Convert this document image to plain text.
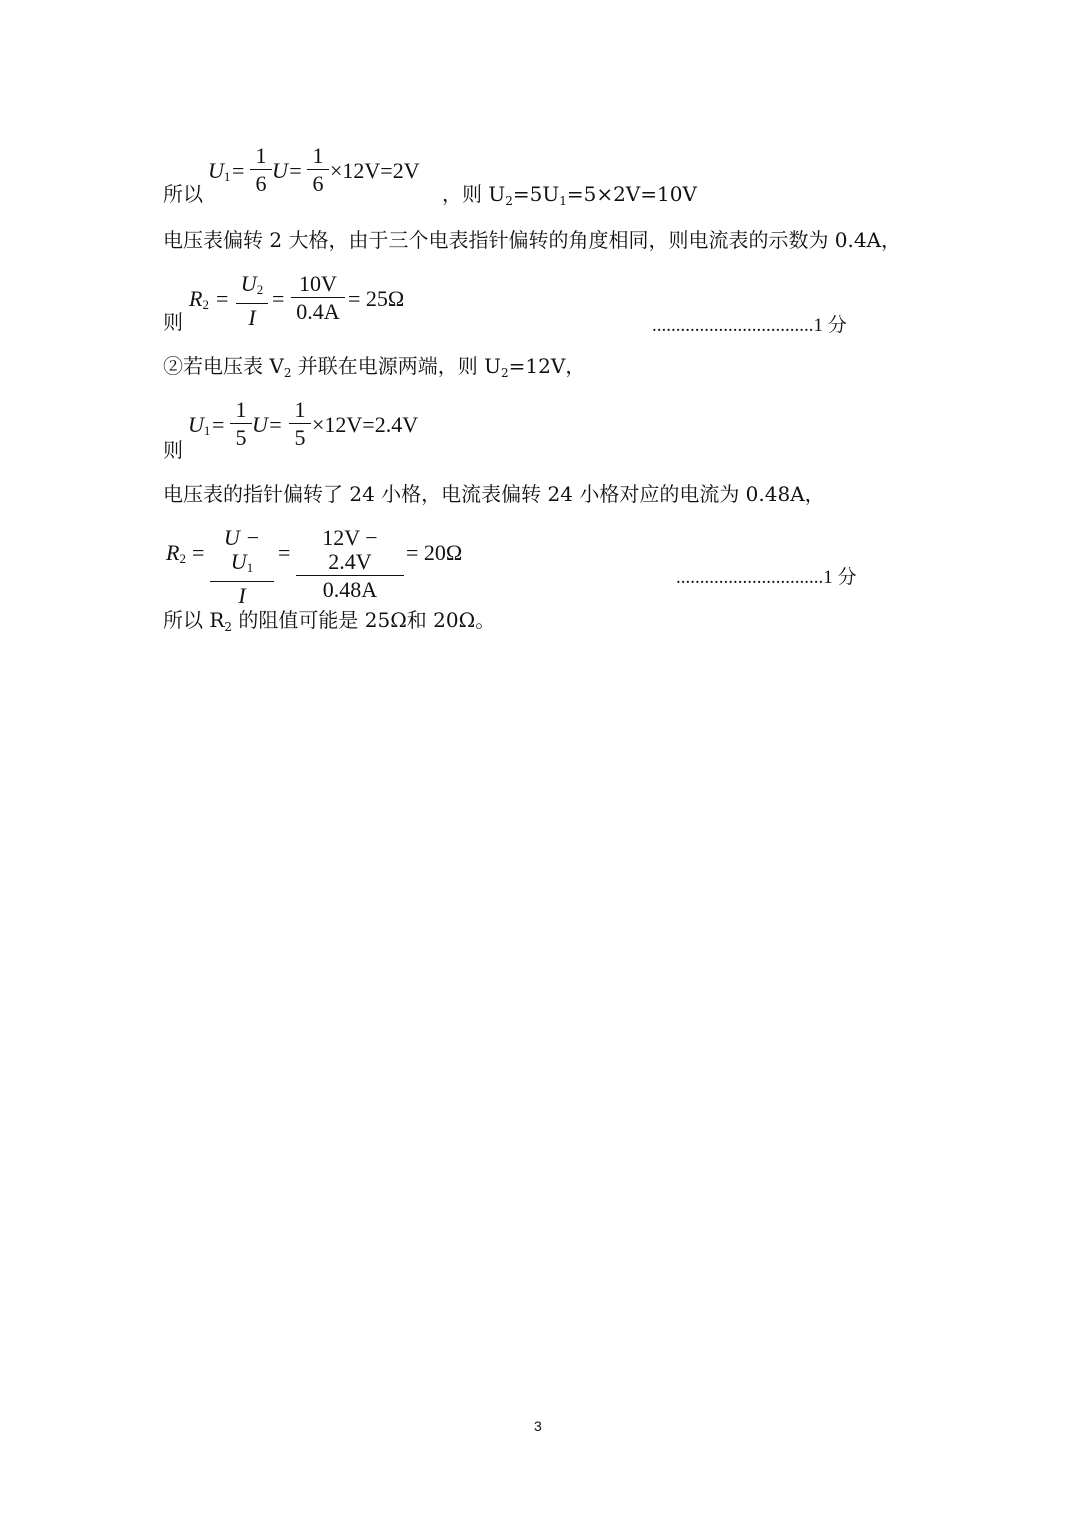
所以
$U_1 = \frac{1}{6} U= \frac{1}{6} \times 12V=2V$
，则 $U_2=5U_1=5\times 2V=10V$
电压表偏转 2 大格，由于三个电表指针偏转的角度相同，则电流表的示数为 0.4A，
则
$R_2 = \frac{U_2}{I} = \frac{10V}{0.4A} = 25\Omega$
..................................1 分
②若电压表 $V_2$ 并联在电源两端，则 $U_2=12V$，
则
$U_1 = \frac{1}{5} U= \frac{1}{5} \times 12V=2.4V$
电压表的指针偏转了 24 小格，电流表偏转 24 小格对应的电流为 0.48A，
$R_2 = \frac{U - U_1}{I} = \frac{12V - 2.4V}{0.48A} = 20\Omega$
...............................1 分
所以 $R_2$ 的阻值可能是 25Ω和 20Ω。
3
